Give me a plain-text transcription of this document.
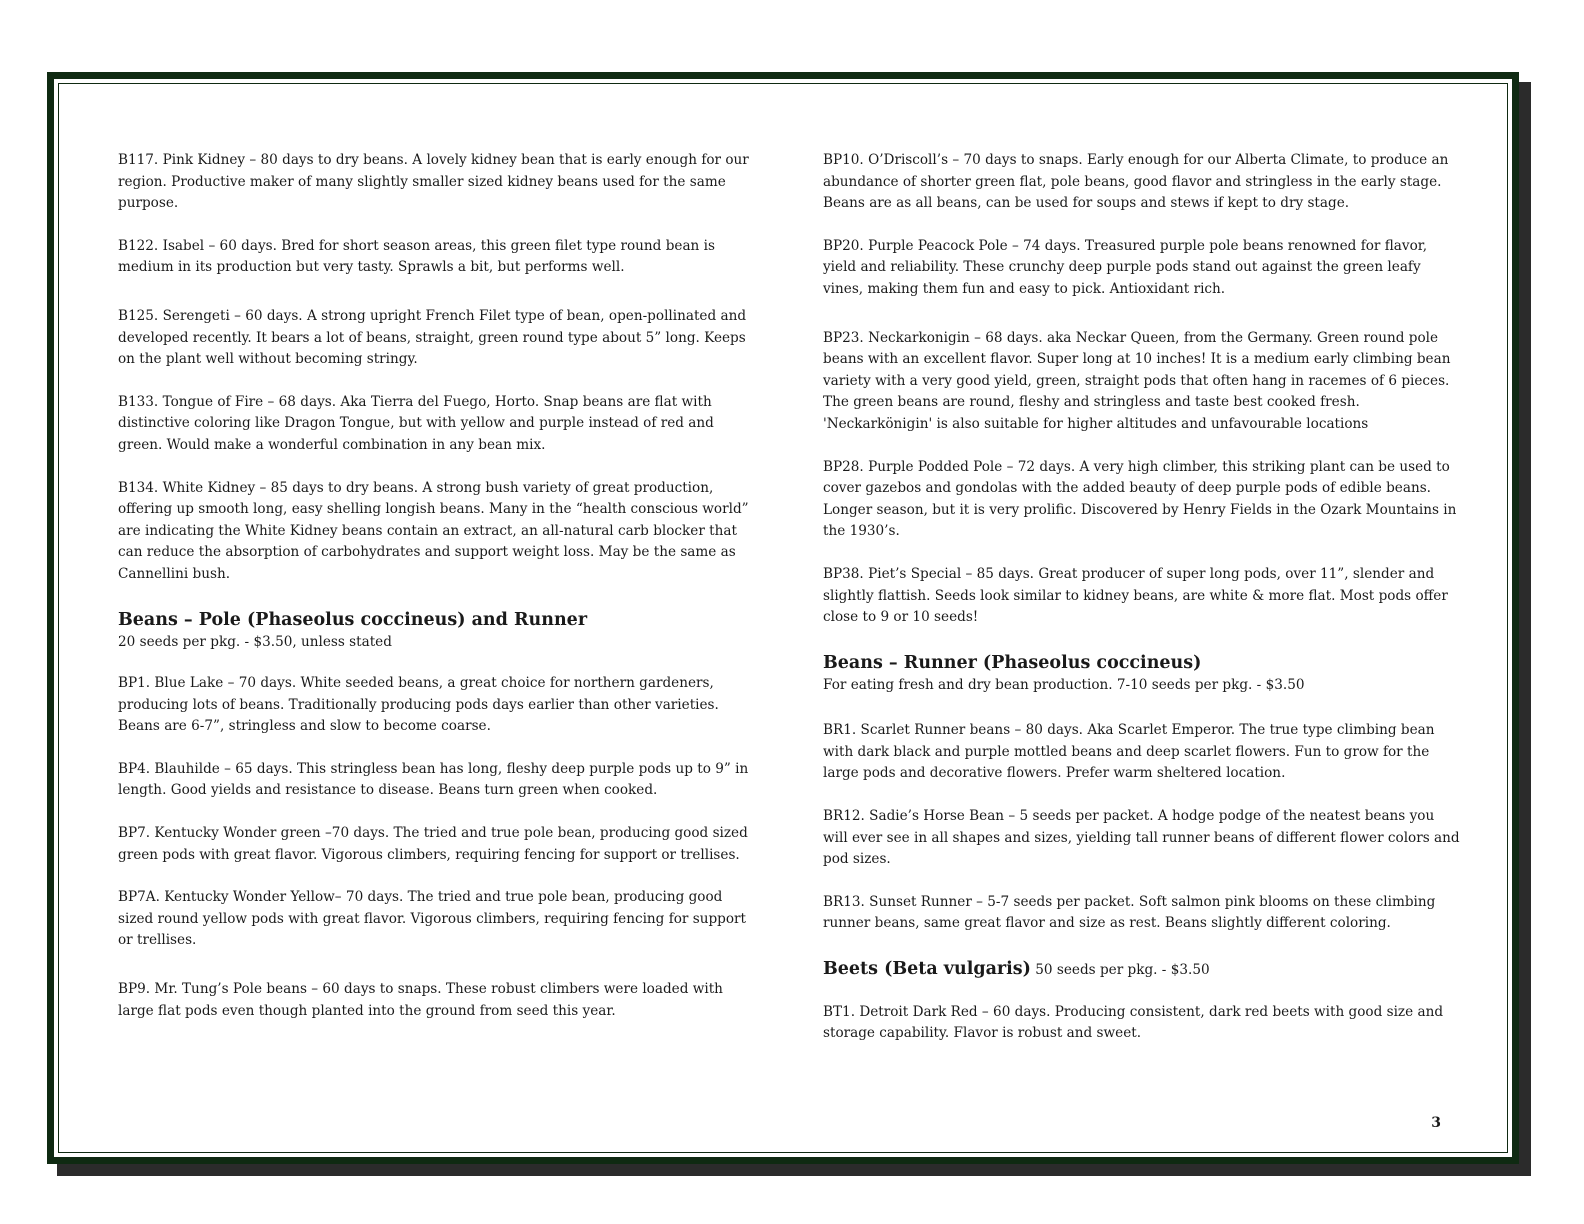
B117. Pink Kidney – 80 days to dry beans. A lovely kidney bean that is early enough for our region. Productive maker of many slightly smaller sized kidney beans used for the same purpose.

B122. Isabel – 60 days. Bred for short season areas, this green filet type round bean is medium in its production but very tasty. Sprawls a bit, but performs well.

B125. Serengeti – 60 days. A strong upright French Filet type of bean, open-pollinated and developed recently. It bears a lot of beans, straight, green round type about 5” long. Keeps on the plant well without becoming stringy.

B133. Tongue of Fire – 68 days. Aka Tierra del Fuego, Horto. Snap beans are flat with distinctive coloring like Dragon Tongue, but with yellow and purple instead of red and green. Would make a wonderful combination in any bean mix.

B134. White Kidney – 85 days to dry beans. A strong bush variety of great production, offering up smooth long, easy shelling longish beans. Many in the “health conscious world” are indicating the White Kidney beans contain an extract, an all-natural carb blocker that can reduce the absorption of carbohydrates and support weight loss. May be the same as Cannellini bush.

Beans – Pole (Phaseolus coccineus) and Runner

20 seeds per pkg. - $3.50, unless stated

BP1. Blue Lake – 70 days. White seeded beans, a great choice for northern gardeners, producing lots of beans. Traditionally producing pods days earlier than other varieties. Beans are 6-7”, stringless and slow to become coarse.

BP4. Blauhilde – 65 days. This stringless bean has long, fleshy deep purple pods up to 9” in length. Good yields and resistance to disease. Beans turn green when cooked.

BP7. Kentucky Wonder green –70 days. The tried and true pole bean, producing good sized green pods with great flavor. Vigorous climbers, requiring fencing for support or trellises.

BP7A. Kentucky Wonder Yellow– 70 days. The tried and true pole bean, producing good sized round yellow pods with great flavor. Vigorous climbers, requiring fencing for support or trellises.

BP9. Mr. Tung’s Pole beans – 60 days to snaps. These robust climbers were loaded with large flat pods even though planted into the ground from seed this year.

BP10. O’Driscoll’s – 70 days to snaps. Early enough for our Alberta Climate, to produce an abundance of shorter green flat, pole beans, good flavor and stringless in the early stage. Beans are as all beans, can be used for soups and stews if kept to dry stage.

BP20. Purple Peacock Pole – 74 days. Treasured purple pole beans renowned for flavor, yield and reliability. These crunchy deep purple pods stand out against the green leafy vines, making them fun and easy to pick. Antioxidant rich.

BP23. Neckarkonigin – 68 days. aka Neckar Queen, from the Germany. Green round pole beans with an excellent flavor. Super long at 10 inches! It is a medium early climbing bean variety with a very good yield, green, straight pods that often hang in racemes of 6 pieces. The green beans are round, fleshy and stringless and taste best cooked fresh. 'Neckarkönigin' is also suitable for higher altitudes and unfavourable locations

BP28. Purple Podded Pole – 72 days. A very high climber, this striking plant can be used to cover gazebos and gondolas with the added beauty of deep purple pods of edible beans. Longer season, but it is very prolific. Discovered by Henry Fields in the Ozark Mountains in the 1930’s.

BP38. Piet’s Special – 85 days. Great producer of super long pods, over 11”, slender and slightly flattish. Seeds look similar to kidney beans, are white & more flat. Most pods offer close to 9 or 10 seeds!

Beans – Runner (Phaseolus coccineus)

For eating fresh and dry bean production. 7-10 seeds per pkg. - $3.50

BR1. Scarlet Runner beans – 80 days. Aka Scarlet Emperor. The true type climbing bean with dark black and purple mottled beans and deep scarlet flowers. Fun to grow for the large pods and decorative flowers. Prefer warm sheltered location.

BR12. Sadie’s Horse Bean – 5 seeds per packet. A hodge podge of the neatest beans you will ever see in all shapes and sizes, yielding tall runner beans of different flower colors and pod sizes.

BR13. Sunset Runner – 5-7 seeds per packet. Soft salmon pink blooms on these climbing runner beans, same great flavor and size as rest. Beans slightly different coloring.

Beets (Beta vulgaris) 50 seeds per pkg. - $3.50

BT1. Detroit Dark Red – 60 days. Producing consistent, dark red beets with good size and storage capability. Flavor is robust and sweet.

3
